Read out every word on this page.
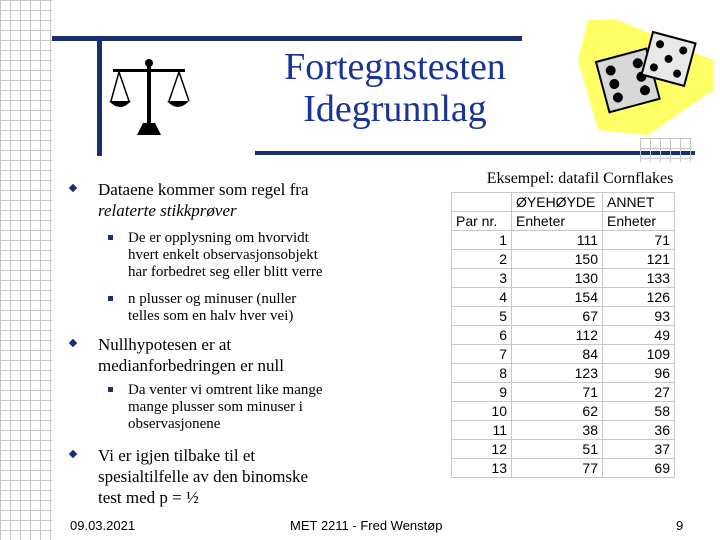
Fortegnstesten
Idegrunnlag
Dataene kommer som regel fra
relaterte stikkprøver
De er opplysning om hvorvidt
hvert enkelt observasjonsobjekt
har forbedret seg eller blitt verre
n plusser og minuser (nuller
telles som en halv hver vei)
Nullhypotesen er at
medianforbedringen er null
Da venter vi omtrent like mange
mange plusser som minuser i
observasjonene
Vi er igjen tilbake til et
spesialtilfelle av den binomske
test med p = ½
Eksempel: datafil Cornflakes
	ØYEHØYDE	ANNET
Par nr.	Enheter	Enheter
1	111	71
2	150	121
3	130	133
4	154	126
5	67	93
6	112	49
7	84	109
8	123	96
9	71	27
10	62	58
11	38	36
12	51	37
13	77	69
09.03.2021	MET 2211 - Fred Wenstøp	9
